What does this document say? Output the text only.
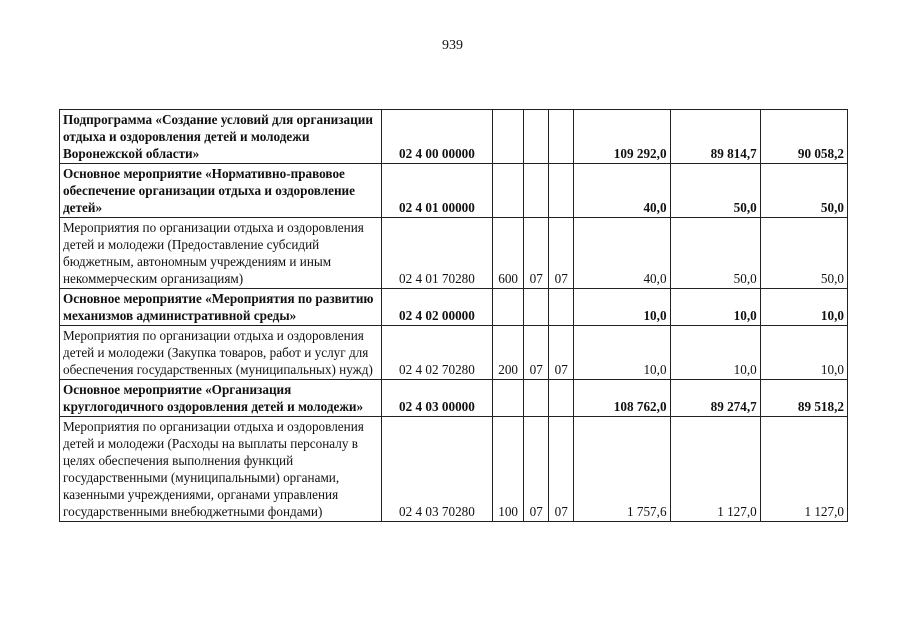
939
Подпрограмма «Создание условий для организации отдыха и оздоровления детей и молодежи Воронежской области»	02 4 00 00000				109 292,0	89 814,7	90 058,2
Основное мероприятие «Нормативно-правовое обеспечение организации отдыха и оздоровление детей»	02 4 01 00000				40,0	50,0	50,0
Мероприятия по организации отдыха и оздоровления детей и молодежи (Предоставление субсидий бюджетным, автономным учреждениям и иным некоммерческим организациям)	02 4 01 70280	600	07	07	40,0	50,0	50,0
Основное мероприятие «Мероприятия по развитию механизмов административной среды»	02 4 02 00000				10,0	10,0	10,0
Мероприятия по организации отдыха и оздоровления детей и молодежи (Закупка товаров, работ и услуг для обеспечения государственных (муниципальных) нужд)	02 4 02 70280	200	07	07	10,0	10,0	10,0
Основное мероприятие «Организация круглогодичного оздоровления детей и молодежи»	02 4 03 00000				108 762,0	89 274,7	89 518,2
Мероприятия по организации отдыха и оздоровления детей и молодежи (Расходы на выплаты персоналу в целях обеспечения выполнения функций государственными (муниципальными) органами, казенными учреждениями, органами управления государственными внебюджетными фондами)	02 4 03 70280	100	07	07	1 757,6	1 127,0	1 127,0
